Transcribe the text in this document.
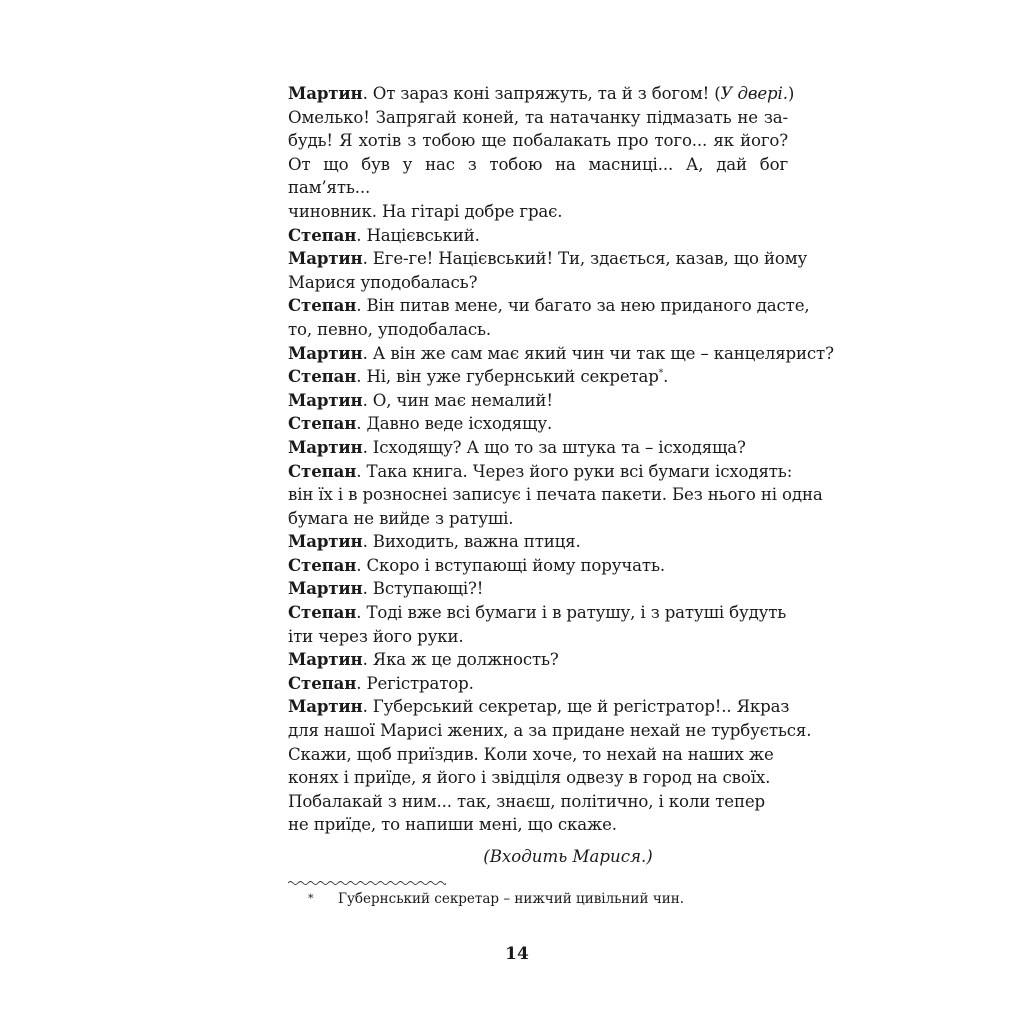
Мартин. От зараз коні запряжуть, та й з богом! (У двері.)
Омелько! Запрягай коней, та натачанку підмазать не за-
будь! Я хотів з тобою ще побалакать про того... як його?
От що був у нас з тобою на масниці... А, дай бог пам’ять...
чиновник. На гітарі добре грає.
Степан. Націєвський.
Мартин. Еге-ге! Націєвський! Ти, здається, казав, що йому
Марися уподобалась?
Степан. Він питав мене, чи багато за нею приданого дасте,
то, певно, уподобалась.
Мартин. А він же сам має який чин чи так ще – канцелярист?
Степан. Ні, він уже губернський секретар*.
Мартин. О, чин має немалий!
Степан. Давно веде ісходящу.
Мартин. Ісходящу? А що то за штука та – ісходяща?
Степан. Така книга. Через його руки всі бумаги ісходять:
він їх і в розноснеі записує і печата пакети. Без нього ні одна
бумага не вийде з ратуші.
Мартин. Виходить, важна птиця.
Степан. Скоро і вступающі йому поручать.
Мартин. Вступающі?!
Степан. Тоді вже всі бумаги і в ратушу, і з ратуші будуть
іти через його руки.
Мартин. Яка ж це должность?
Степан. Регістратор.
Мартин. Губерський секретар, ще й регістратор!.. Якраз
для нашої Марисі жених, а за придане нехай не турбується.
Скажи, щоб приїздив. Коли хоче, то нехай на наших же
конях і приїде, я його і звідціля одвезу в город на своїх.
Побалакай з ним... так, знаєш, політично, і коли тепер
не приїде, то напиши мені, що скаже.
(Входить Марися.)
* Губернський секретар – нижчий цивільний чин.
14
